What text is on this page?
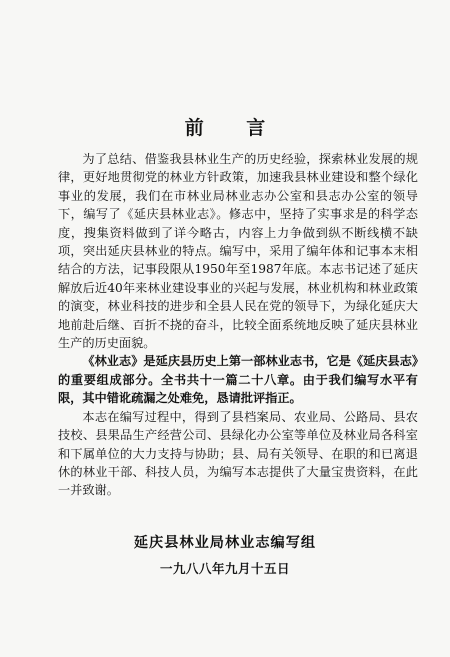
前 言

为了总结、借鉴我县林业生产的历史经验，探索林业发展的规律，更好地贯彻党的林业方针政策，加速我县林业建设和整个绿化事业的发展，我们在市林业局林业志办公室和县志办公室的领导下，编写了《延庆县林业志》。修志中，坚持了实事求是的科学态度，搜集资料做到了详今略古，内容上力争做到纵不断线横不缺项，突出延庆县林业的特点。编写中，采用了编年体和记事本末相结合的方法，记事段限从1950年至1987年底。本志书记述了延庆解放后近40年来林业建设事业的兴起与发展，林业机构和林业政策的演变，林业科技的进步和全县人民在党的领导下，为绿化延庆大地前赴后继、百折不挠的奋斗，比较全面系统地反映了延庆县林业生产的历史面貌。

《林业志》是延庆县历史上第一部林业志书，它是《延庆县志》的重要组成部分。全书共十一篇二十八章。由于我们编写水平有限，其中错讹疏漏之处难免，恳请批评指正。

本志在编写过程中，得到了县档案局、农业局、公路局、县农技校、县果品生产经营公司、县绿化办公室等单位及林业局各科室和下属单位的大力支持与协助；县、局有关领导、在职的和已离退休的林业干部、科技人员，为编写本志提供了大量宝贵资料，在此一并致谢。

延庆县林业局林业志编写组
一九八八年九月十五日
